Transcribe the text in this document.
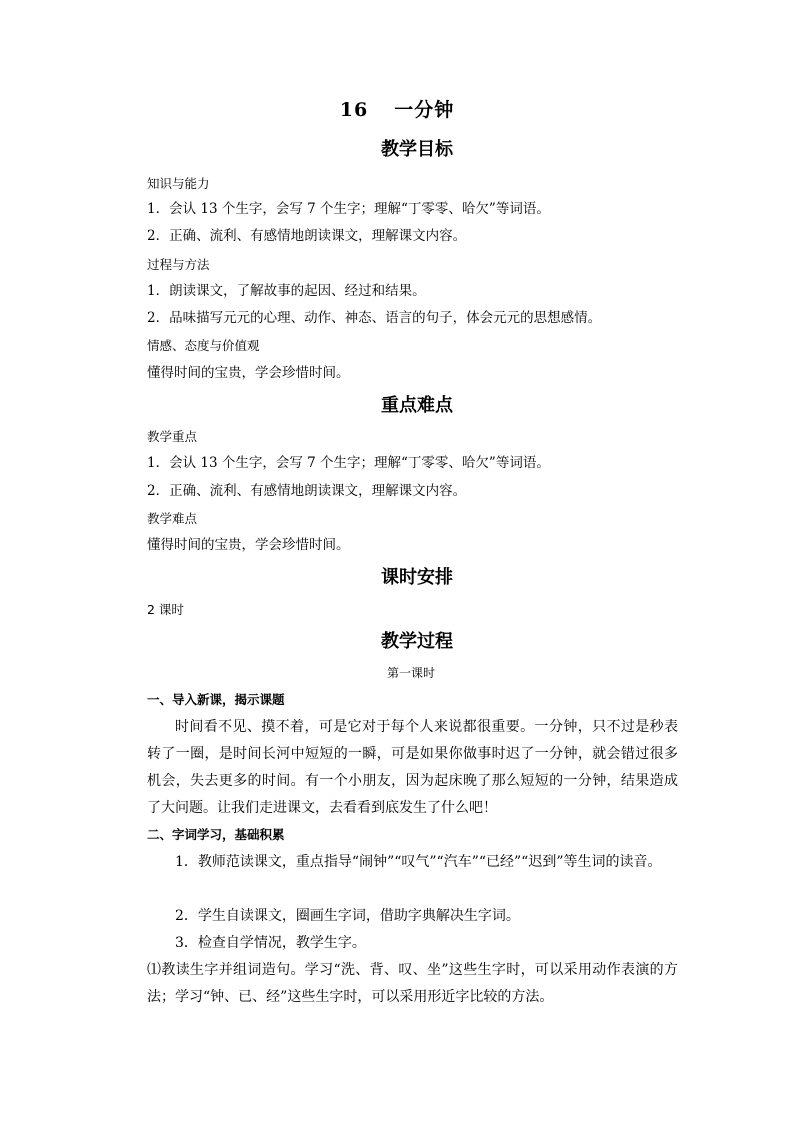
16 一分钟
教学目标
知识与能力
1．会认 13 个生字，会写 7 个生字；理解“丁零零、哈欠”等词语。
2．正确、流利、有感情地朗读课文，理解课文内容。
过程与方法
1．朗读课文，了解故事的起因、经过和结果。
2．品味描写元元的心理、动作、神态、语言的句子，体会元元的思想感情。
情感、态度与价值观
懂得时间的宝贵，学会珍惜时间。
重点难点
教学重点
1．会认 13 个生字，会写 7 个生字；理解“丁零零、哈欠”等词语。
2．正确、流利、有感情地朗读课文，理解课文内容。
教学难点
懂得时间的宝贵，学会珍惜时间。
课时安排
2 课时
教学过程
第一课时
一、导入新课，揭示课题
时间看不见、摸不着，可是它对于每个人来说都很重要。一分钟，只不过是秒表转了一圈，是时间长河中短短的一瞬，可是如果你做事时迟了一分钟，就会错过很多机会，失去更多的时间。有一个小朋友，因为起床晚了那么短短的一分钟，结果造成了大问题。让我们走进课文，去看看到底发生了什么吧！
二、字词学习，基础积累
1．教师范读课文，重点指导“闹钟”“叹气”“汽车”“已经”“迟到”等生词的读音。
2．学生自读课文，圈画生字词，借助字典解决生字词。
3．检查自学情况，教学生字。
⑴教读生字并组词造句。学习“洗、背、叹、坐”这些生字时，可以采用动作表演的方法；学习“钟、已、经”这些生字时，可以采用形近字比较的方法。
